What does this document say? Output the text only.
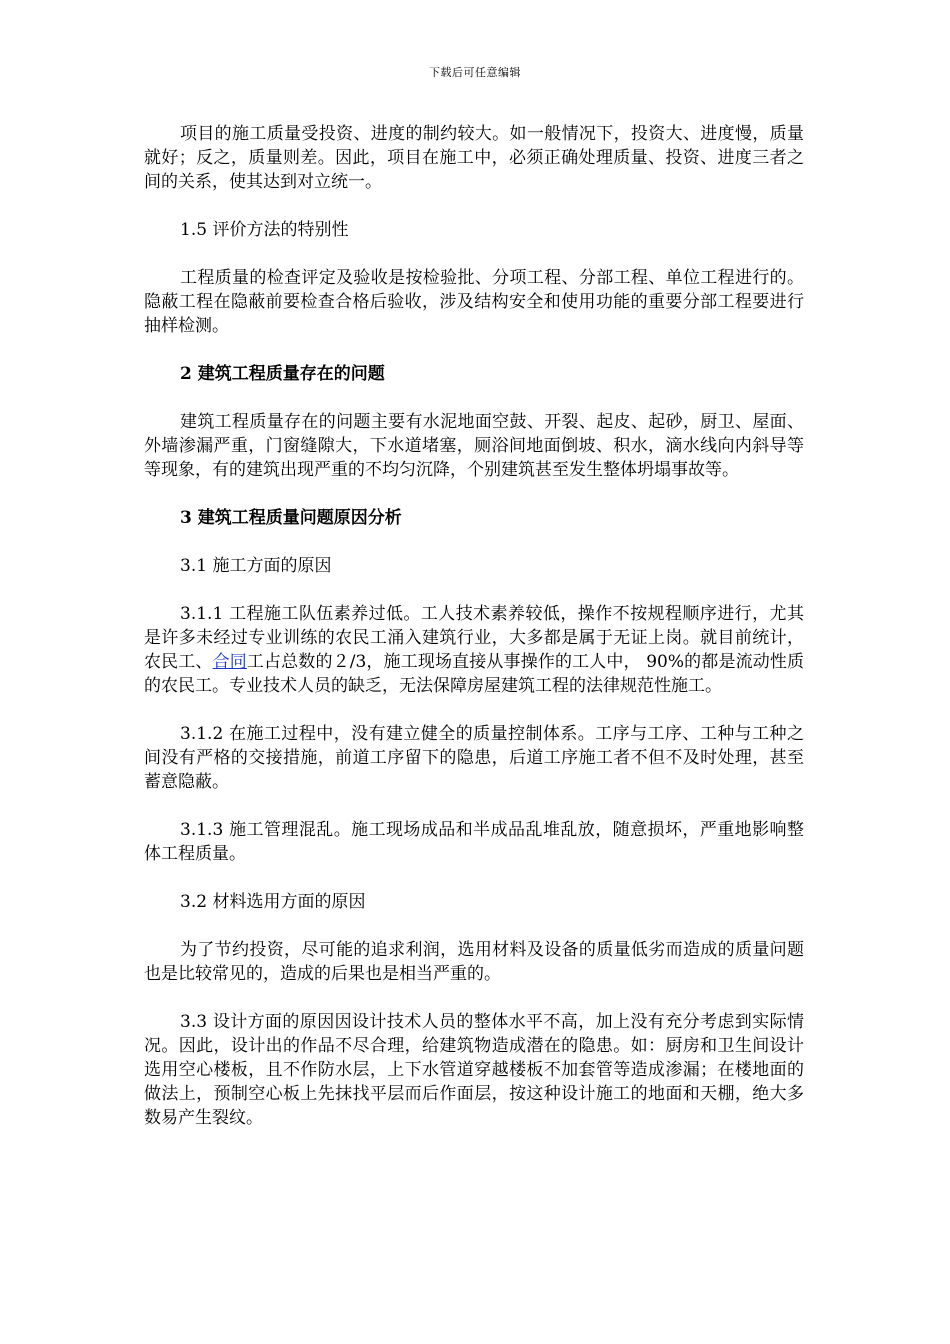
下载后可任意编辑

项目的施工质量受投资、进度的制约较大。如一般情况下，投资大、进度慢，质量就好；反之，质量则差。因此，项目在施工中，必须正确处理质量、投资、进度三者之间的关系，使其达到对立统一。

1.5 评价方法的特别性

工程质量的检查评定及验收是按检验批、分项工程、分部工程、单位工程进行的。隐蔽工程在隐蔽前要检查合格后验收，涉及结构安全和使用功能的重要分部工程要进行抽样检测。

2 建筑工程质量存在的问题

建筑工程质量存在的问题主要有水泥地面空鼓、开裂、起皮、起砂，厨卫、屋面、外墙渗漏严重，门窗缝隙大，下水道堵塞，厕浴间地面倒坡、积水，滴水线向内斜导等等现象，有的建筑出现严重的不均匀沉降，个别建筑甚至发生整体坍塌事故等。

3 建筑工程质量问题原因分析

3.1 施工方面的原因

3.1.1 工程施工队伍素养过低。工人技术素养较低，操作不按规程顺序进行，尤其是许多未经过专业训练的农民工涌入建筑行业，大多都是属于无证上岗。就目前统计， 农民工、合同工占总数的２/3，施工现场直接从事操作的工人中， 90%的都是流动性质的农民工。专业技术人员的缺乏，无法保障房屋建筑工程的法律规范性施工。

3.1.2 在施工过程中，没有建立健全的质量控制体系。工序与工序、工种与工种之间没有严格的交接措施，前道工序留下的隐患，后道工序施工者不但不及时处理，甚至蓄意隐蔽。

3.1.3 施工管理混乱。施工现场成品和半成品乱堆乱放，随意损坏，严重地影响整体工程质量。

3.2 材料选用方面的原因

为了节约投资，尽可能的追求利润，选用材料及设备的质量低劣而造成的质量问题也是比较常见的，造成的后果也是相当严重的。

3.3 设计方面的原因因设计技术人员的整体水平不高，加上没有充分考虑到实际情况。因此，设计出的作品不尽合理，给建筑物造成潜在的隐患。如：厨房和卫生间设计选用空心楼板，且不作防水层，上下水管道穿越楼板不加套管等造成渗漏；在楼地面的做法上，预制空心板上先抹找平层而后作面层，按这种设计施工的地面和天棚，绝大多数易产生裂纹。
